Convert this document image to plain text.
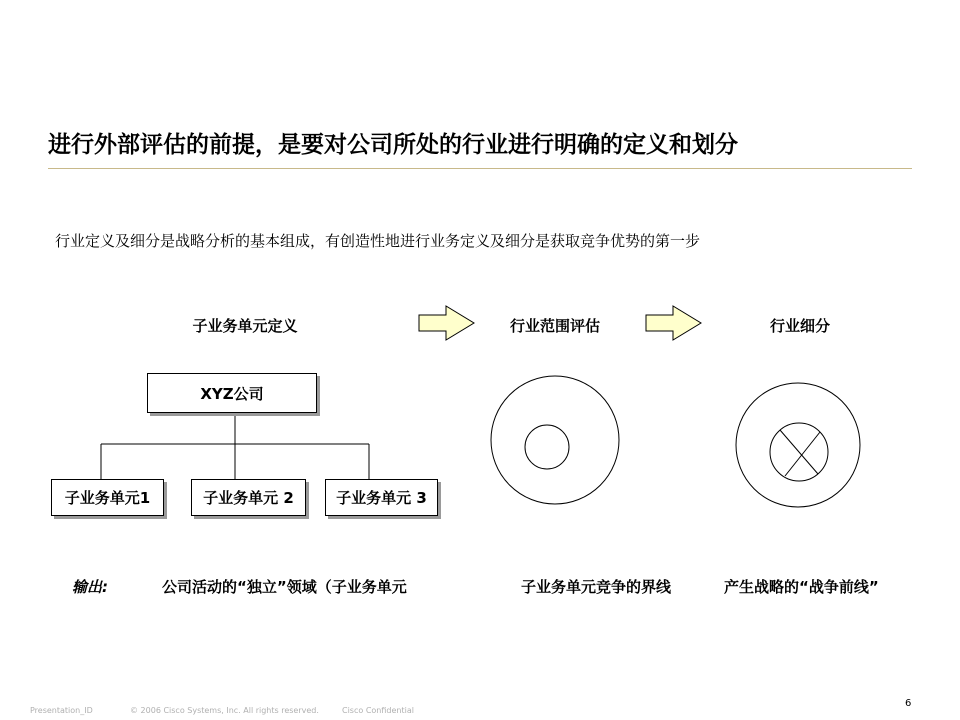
进行外部评估的前提，是要对公司所处的行业进行明确的定义和划分
行业定义及细分是战略分析的基本组成，有创造性地进行业务定义及细分是获取竞争优势的第一步
子业务单元定义	行业范围评估	行业细分
XYZ公司
子业务单元1	子业务单元 2	子业务单元 3
输出:	公司活动的“独立”领域（子业务单元	子业务单元竞争的界线	产生战略的“战争前线”
Presentation_ID	© 2006 Cisco Systems, Inc. All rights reserved.	Cisco Confidential
6
